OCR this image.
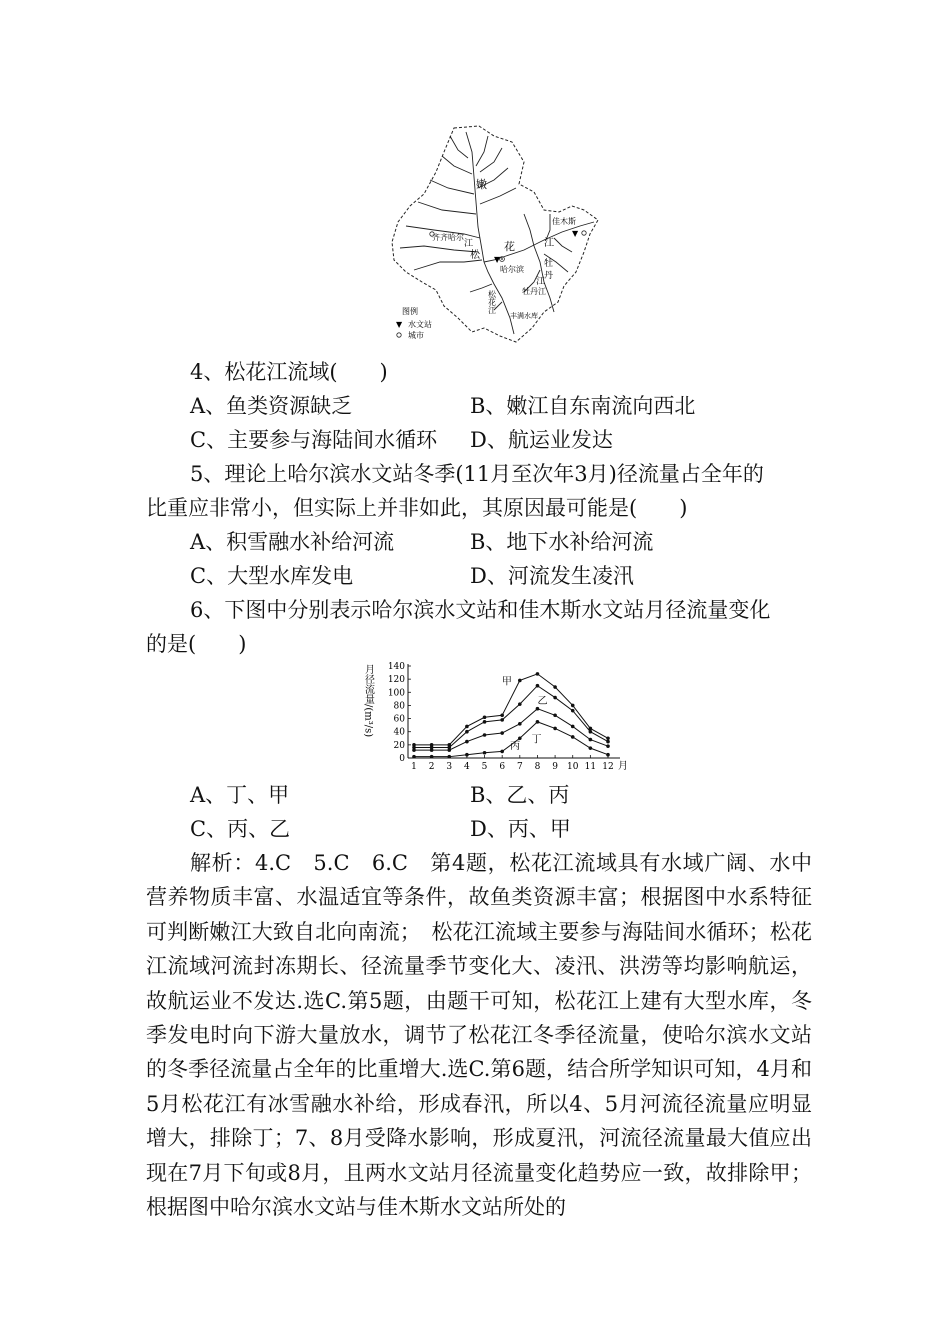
嫩
齐齐哈尔
江	花	江
佳木斯
▼
松 ▼
哈尔滨
牡
丹
牡丹江
江
松花江
丰满水库
图例
▼ 水文站
城市
4、松花江流域(　　)
A、鱼类资源缺乏	B、嫩江自东南流向西北
C、主要参与海陆间水循环 D、航运业发达
5、理论上哈尔滨水文站冬季(11月至次年3月)径流量占全年的
比重应非常小，但实际上并非如此，其原因最可能是(　　)
A、积雪融水补给河流	B、地下水补给河流
C、大型水库发电	D、河流发生凌汛
6、下图中分别表示哈尔滨水文站和佳木斯水文站月径流量变化
的是(　　)
月径流量/(m³/s)
0
20
40
60
80
100
120
140
1 2 3 4 5 6 7 8 9 10 11 12 月
甲
乙
丙
丁
A、丁、甲	B、乙、丙
C、丙、乙	D、丙、甲
解析：4.C　5.C　6.C　第4题，松花江流域具有水域广阔、水中营养物质丰富、水温适宜等条件，故鱼类资源丰富；根据图中水系特征可判断嫩江大致自北向南流；　松花江流域主要参与海陆间水循环；松花江流域河流封冻期长、径流量季节变化大、凌汛、洪涝等均影响航运，故航运业不发达.选C.第5题，由题干可知，松花江上建有大型水库，冬季发电时向下游大量放水，调节了松花江冬季径流量，使哈尔滨水文站的冬季径流量占全年的比重增大.选C.第6题，结合所学知识可知，4月和5月松花江有冰雪融水补给，形成春汛，所以4、5月河流径流量应明显增大，排除丁；7、8月受降水影响，形成夏汛，河流径流量最大值应出现在7月下旬或8月，且两水文站月径流量变化趋势应一致，故排除甲；根据图中哈尔滨水文站与佳木斯水文站所处的
